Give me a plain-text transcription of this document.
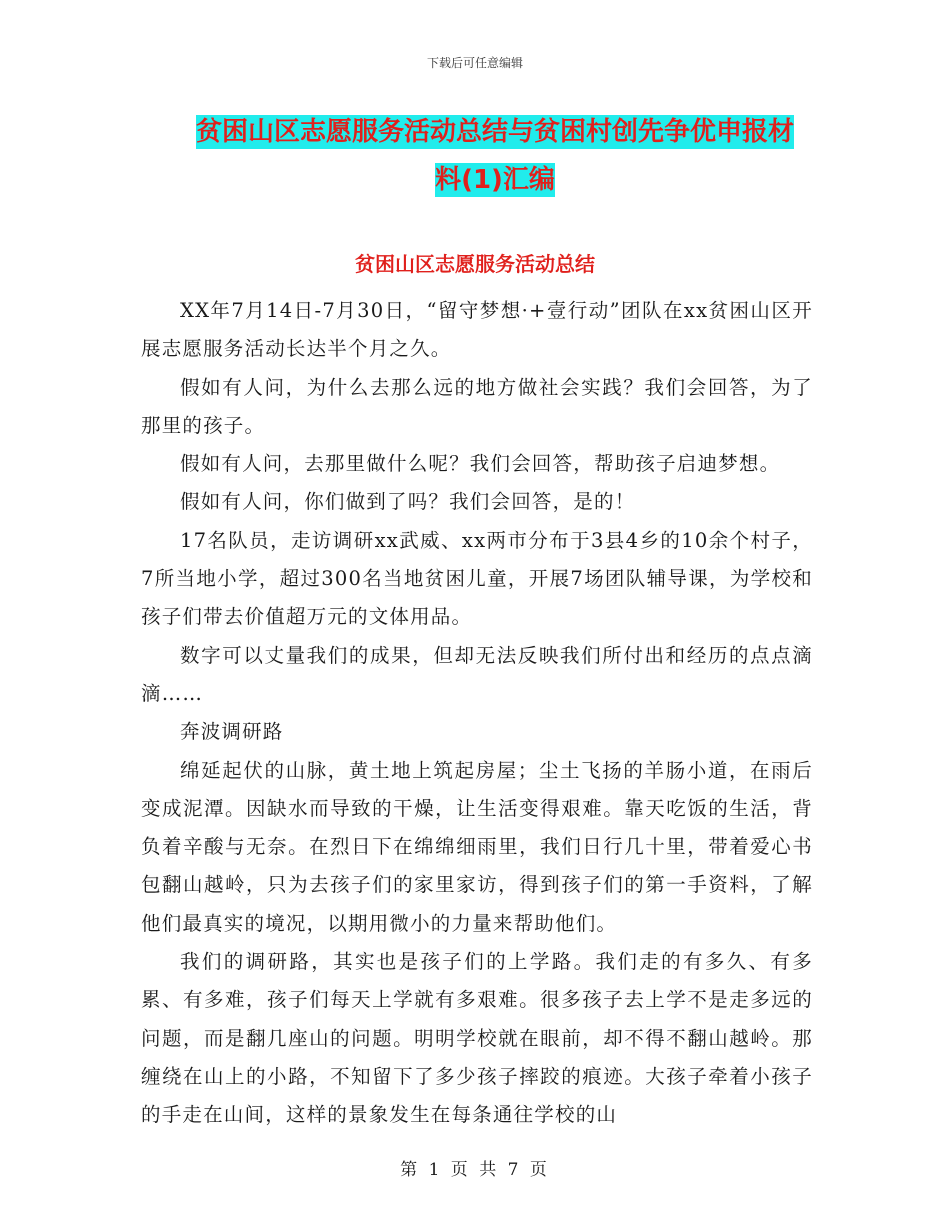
下载后可任意编辑
贫困山区志愿服务活动总结与贫困村创先争优申报材
料(1)汇编
贫困山区志愿服务活动总结

XX年7月14日-7月30日，“留守梦想·+壹行动”团队在xx贫困山区开展志愿服务活动长达半个月之久。

假如有人问，为什么去那么远的地方做社会实践？我们会回答，为了那里的孩子。

假如有人问，去那里做什么呢？我们会回答，帮助孩子启迪梦想。

假如有人问，你们做到了吗？我们会回答，是的！

17名队员，走访调研xx武威、xx两市分布于3县4乡的10余个村子，7所当地小学，超过300名当地贫困儿童，开展7场团队辅导课，为学校和孩子们带去价值超万元的文体用品。

数字可以丈量我们的成果，但却无法反映我们所付出和经历的点点滴滴……

奔波调研路

绵延起伏的山脉，黄土地上筑起房屋；尘土飞扬的羊肠小道，在雨后变成泥潭。因缺水而导致的干燥，让生活变得艰难。靠天吃饭的生活，背负着辛酸与无奈。在烈日下在绵绵细雨里，我们日行几十里，带着爱心书包翻山越岭，只为去孩子们的家里家访，得到孩子们的第一手资料，了解他们最真实的境况，以期用微小的力量来帮助他们。

我们的调研路，其实也是孩子们的上学路。我们走的有多久、有多累、有多难，孩子们每天上学就有多艰难。很多孩子去上学不是走多远的问题，而是翻几座山的问题。明明学校就在眼前，却不得不翻山越岭。那缠绕在山上的小路，不知留下了多少孩子摔跤的痕迹。大孩子牵着小孩子的手走在山间，这样的景象发生在每条通往学校的山

第 1 页 共 7 页
